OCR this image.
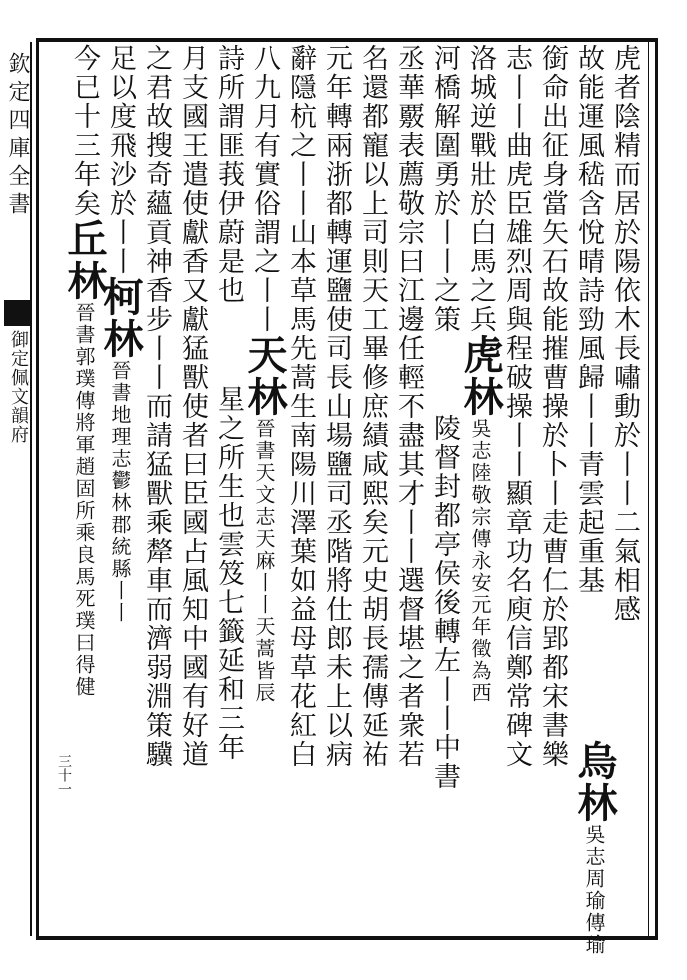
欽定四庫全書
御定佩文韻府
三十一
虎者陰精而居於陽依木長嘯動於丨丨二氣相感
故能運風嵇含悅晴詩勁風歸丨丨青雲起重基
銜命出征身當矢石故能摧曹操於卜丨走曹仁於郢都宋書樂
志丨丨曲虎臣雄烈周與程破操丨丨顯章功名庾信鄭常碑文
洛城逆戰壯於白馬之兵虎林吳志陸敬宗傳永安元年徵為西
河橋解圍勇於丨丨之策陵督封都亭侯後轉左丨丨中書
丞華覈表薦敬宗曰江邊任輕不盡其才丨丨選督堪之者衆若
名還都寵以上司則天工畢修庶績咸熙矣元史胡長孺傳延祐
元年轉兩浙都轉運鹽使司長山場鹽司丞階將仕郎未上以病
辭隱杭之丨丨山本草馬先蒿生南陽川澤葉如益母草花紅白
八九月有實俗謂之丨丨天林晉書天文志天麻丨丨天蒿皆辰
詩所謂匪莪伊蔚是也星之所生也雲笈七籤延和三年
月支國王遣使獻香又獻猛獸使者曰臣國占風知中國有好道
之君故搜奇蘊貢神香步丨丨而請猛獸乘犛車而濟弱淵策驥
足以度飛沙於丨丨柯林晉書地理志鬱林郡統縣丨丨
今已十三年矣丘林晉書郭璞傳將軍趙固所乘良馬死璞曰得健
烏林吳志周瑜傳瑜
